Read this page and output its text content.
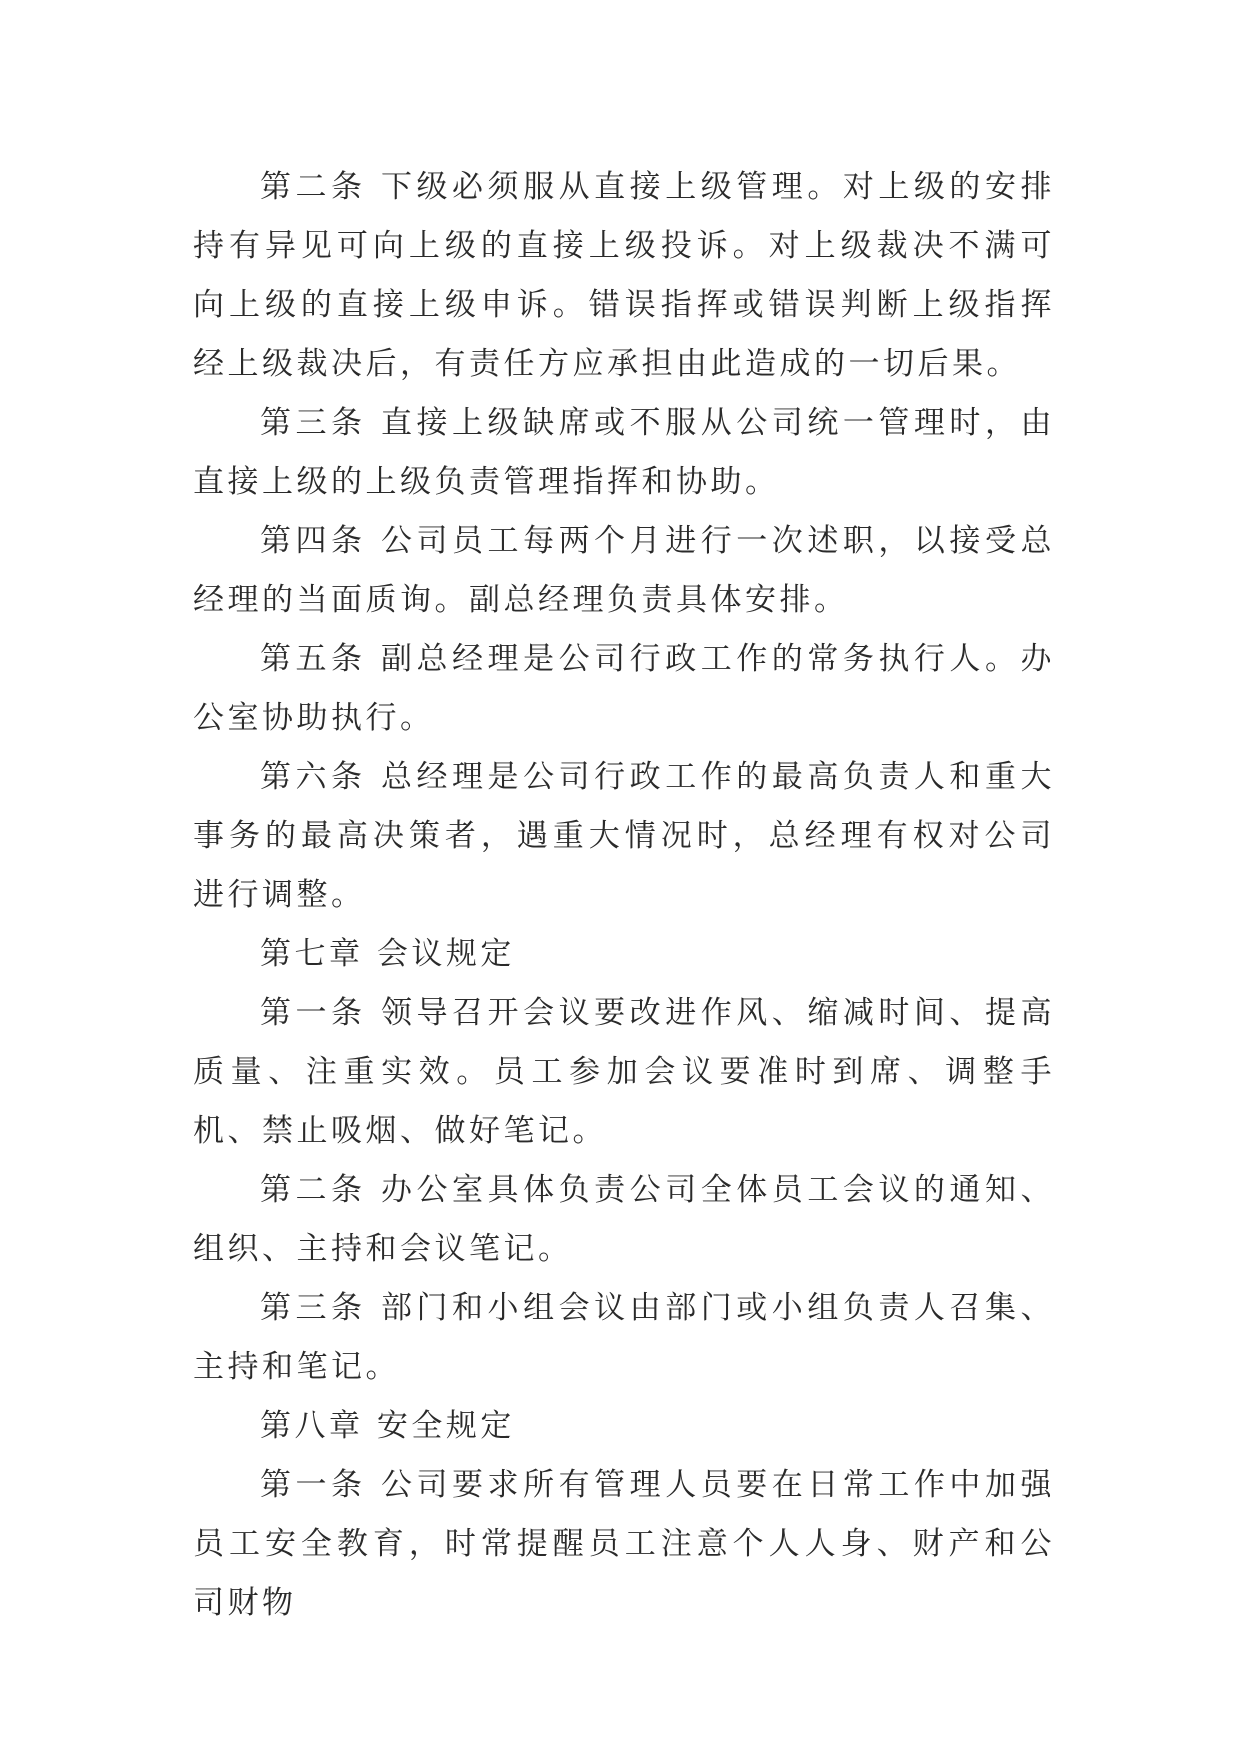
第二条 下级必须服从直接上级管理。对上级的安排持有异见可向上级的直接上级投诉。对上级裁决不满可向上级的直接上级申诉。错误指挥或错误判断上级指挥经上级裁决后，有责任方应承担由此造成的一切后果。

第三条 直接上级缺席或不服从公司统一管理时，由直接上级的上级负责管理指挥和协助。

第四条 公司员工每两个月进行一次述职，以接受总经理的当面质询。副总经理负责具体安排。

第五条 副总经理是公司行政工作的常务执行人。办公室协助执行。

第六条 总经理是公司行政工作的最高负责人和重大事务的最高决策者，遇重大情况时，总经理有权对公司进行调整。

第七章 会议规定

第一条 领导召开会议要改进作风、缩减时间、提高质量、注重实效。员工参加会议要准时到席、调整手机、禁止吸烟、做好笔记。

第二条 办公室具体负责公司全体员工会议的通知、组织、主持和会议笔记。

第三条 部门和小组会议由部门或小组负责人召集、主持和笔记。

第八章 安全规定

第一条 公司要求所有管理人员要在日常工作中加强员工安全教育，时常提醒员工注意个人人身、财产和公司财物
